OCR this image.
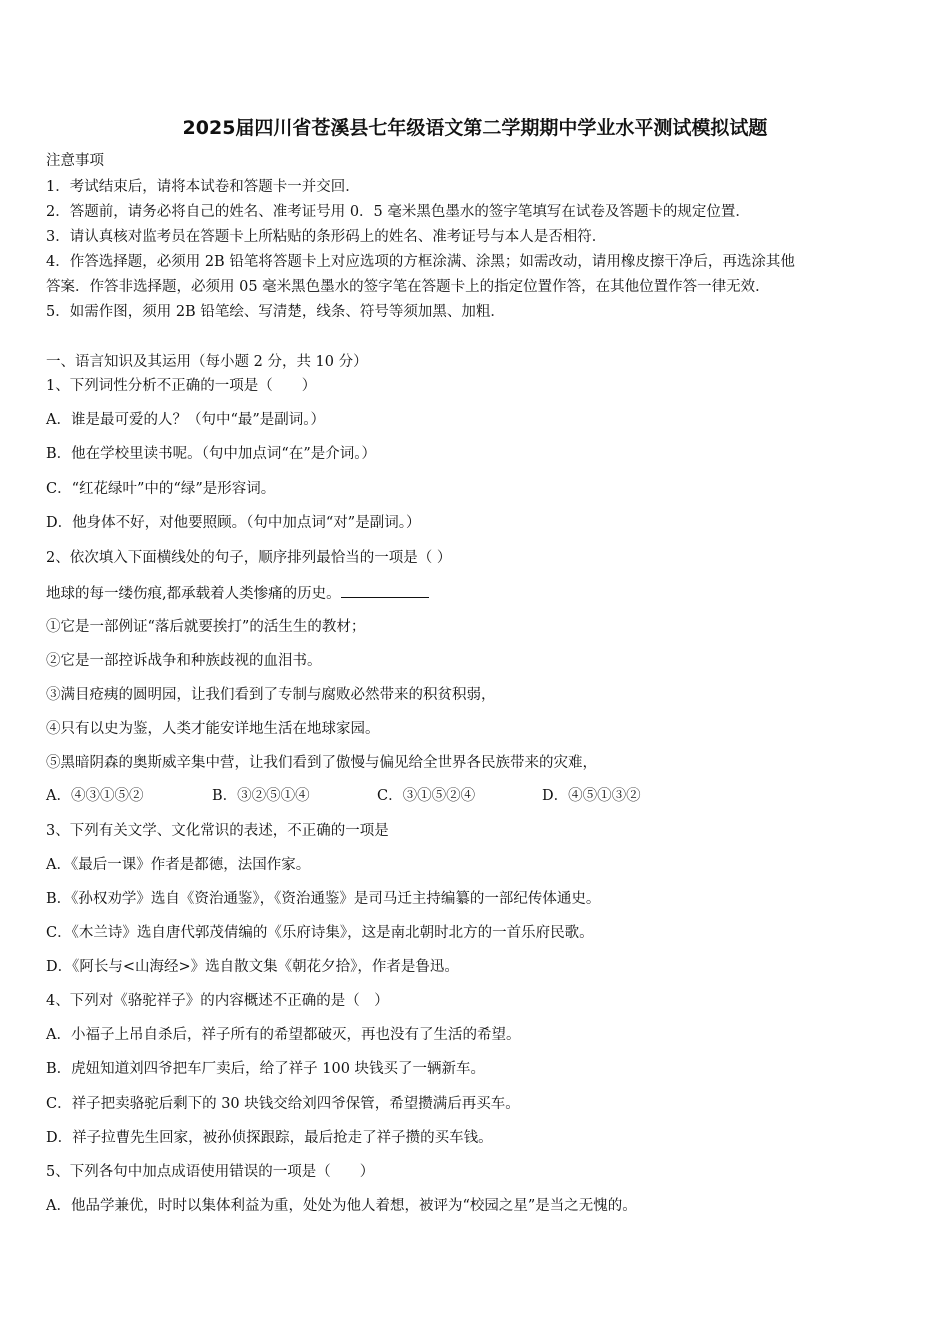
2025届四川省苍溪县七年级语文第二学期期中学业水平测试模拟试题
注意事项
1．考试结束后，请将本试卷和答题卡一并交回．
2．答题前，请务必将自己的姓名、准考证号用 0．5 毫米黑色墨水的签字笔填写在试卷及答题卡的规定位置．
3．请认真核对监考员在答题卡上所粘贴的条形码上的姓名、准考证号与本人是否相符．
4．作答选择题，必须用 2B 铅笔将答题卡上对应选项的方框涂满、涂黑；如需改动，请用橡皮擦干净后，再选涂其他
答案．作答非选择题，必须用 05 毫米黑色墨水的签字笔在答题卡上的指定位置作答，在其他位置作答一律无效．
5．如需作图，须用 2B 铅笔绘、写清楚，线条、符号等须加黑、加粗．
一、语言知识及其运用（每小题 2 分，共 10 分）
1、下列词性分析不正确的一项是（　　）
A．谁是最可爱的人？（句中“最”是副词。）
B．他在学校里读书呢。（句中加点词“在”是介词。）
C．“红花绿叶”中的“绿”是形容词。
D．他身体不好，对他要照顾。（句中加点词“对”是副词。）
2、依次填入下面横线处的句子，顺序排列最恰当的一项是（ ）
地球的每一缕伤痕,都承载着人类惨痛的历史。
①它是一部例证“落后就要挨打”的活生生的教材；
②它是一部控诉战争和种族歧视的血泪书。
③满目疮痍的圆明园，让我们看到了专制与腐败必然带来的积贫积弱，
④只有以史为鉴，人类才能安详地生活在地球家园。
⑤黑暗阴森的奥斯威辛集中营，让我们看到了傲慢与偏见给全世界各民族带来的灾难，
A．④③①⑤②	B．③②⑤①④	C．③①⑤②④	D．④⑤①③②
3、下列有关文学、文化常识的表述，不正确的一项是
A．《最后一课》作者是都德，法国作家。
B．《孙权劝学》选自《资治通鉴》，《资治通鉴》是司马迁主持编纂的一部纪传体通史。
C．《木兰诗》选自唐代郭茂倩编的《乐府诗集》，这是南北朝时北方的一首乐府民歌。
D．《阿长与<山海经>》选自散文集《朝花夕拾》，作者是鲁迅。
4、下列对《骆驼祥子》的内容概述不正确的是（　）
A．小福子上吊自杀后，祥子所有的希望都破灭，再也没有了生活的希望。
B．虎妞知道刘四爷把车厂卖后，给了祥子 100 块钱买了一辆新车。
C．祥子把卖骆驼后剩下的 30 块钱交给刘四爷保管，希望攒满后再买车。
D．祥子拉曹先生回家，被孙侦探跟踪，最后抢走了祥子攒的买车钱。
5、下列各句中加点成语使用错误的一项是（　　）
A．他品学兼优，时时以集体利益为重，处处为他人着想，被评为“校园之星”是当之无愧的。
